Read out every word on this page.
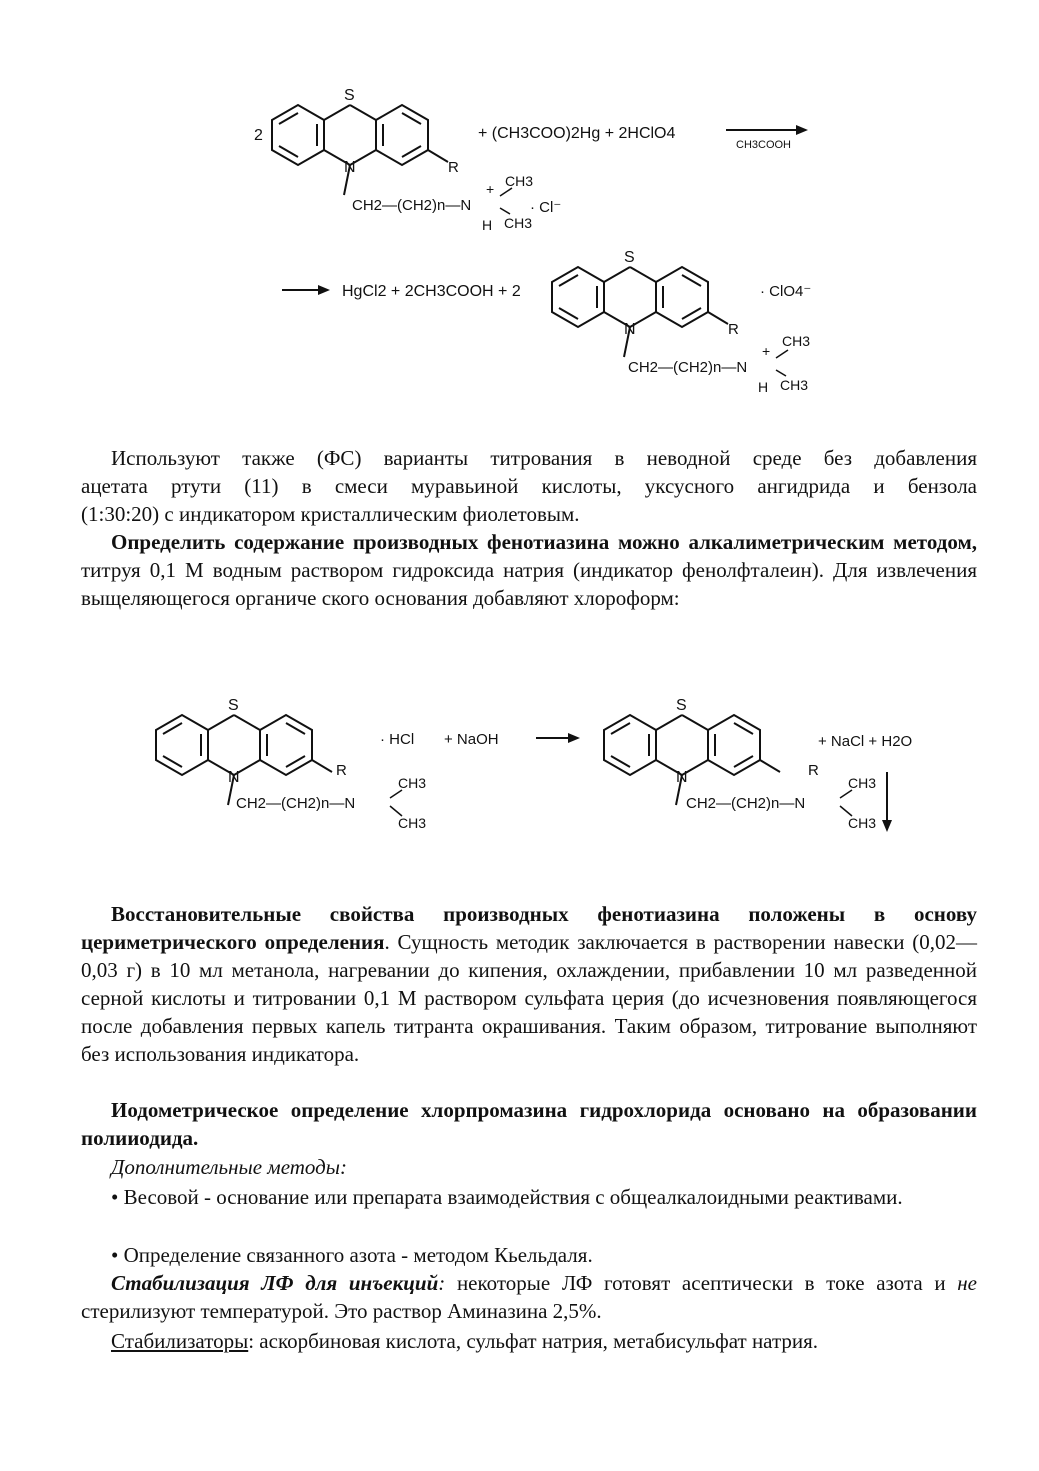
2
S
N	R
CH2—(CH2)n—N
+ CH3
CH3
H
· Cl⁻
+ (CH3COO)2Hg + 2HClO4
CH3COOH
HgCl2 + 2CH3COOH + 2
S
N	R
CH2—(CH2)n—N
+
CH3
CH3
H
· ClO4⁻
S
N	R
CH2—(CH2)n—N
CH3
CH3
· HCl + NaOH
S
N	R
CH2—(CH2)n—N
CH3
CH3
+ NaCl + H2O

Используют также (ФС) варианты титрования в неводной среде без добавления

ацетата ртути (11) в смеси муравьиной кислоты, уксусного ангидрида и бензола

(1:30:20) с индикатором кристаллическим фиолетовым.

Определить содержание производных фенотиазина можно алкалиметрическим методом, титруя 0,1 М водным раствором гидроксида натрия (индикатор фенолфталеин). Для извлечения выщеляющегося органиче ского основания добавляют хлороформ:

Восстановительные свойства производных фенотиазина положены в основу цериметрического определения. Сущность методик заключается в растворении навески (0,02—0,03 г) в 10 мл метанола, нагревании до кипения, охлаждении, прибавлении 10 мл разведенной серной кислоты и титровании 0,1 М раствором сульфата церия (до исчезновения появляющегося после добавления первых капель титранта окрашивания. Таким образом, титрование выполняют без использования индикатора.

Иодометрическое определение хлорпромазина гидрохлорида основано на образовании полииодида.

Дополнительные методы:

• Весовой - основание или препарата взаимодействия с общеалкалоидными реактивами.

• Определение связанного азота - методом Кьельдаля.

Стабилизация ЛФ для инъекций: некоторые ЛФ готовят асептически в токе азота и не стерилизуют температурой. Это раствор Аминазина 2,5%.

Стабилизаторы: аскорбиновая кислота, сульфат натрия, метабисульфат натрия.
